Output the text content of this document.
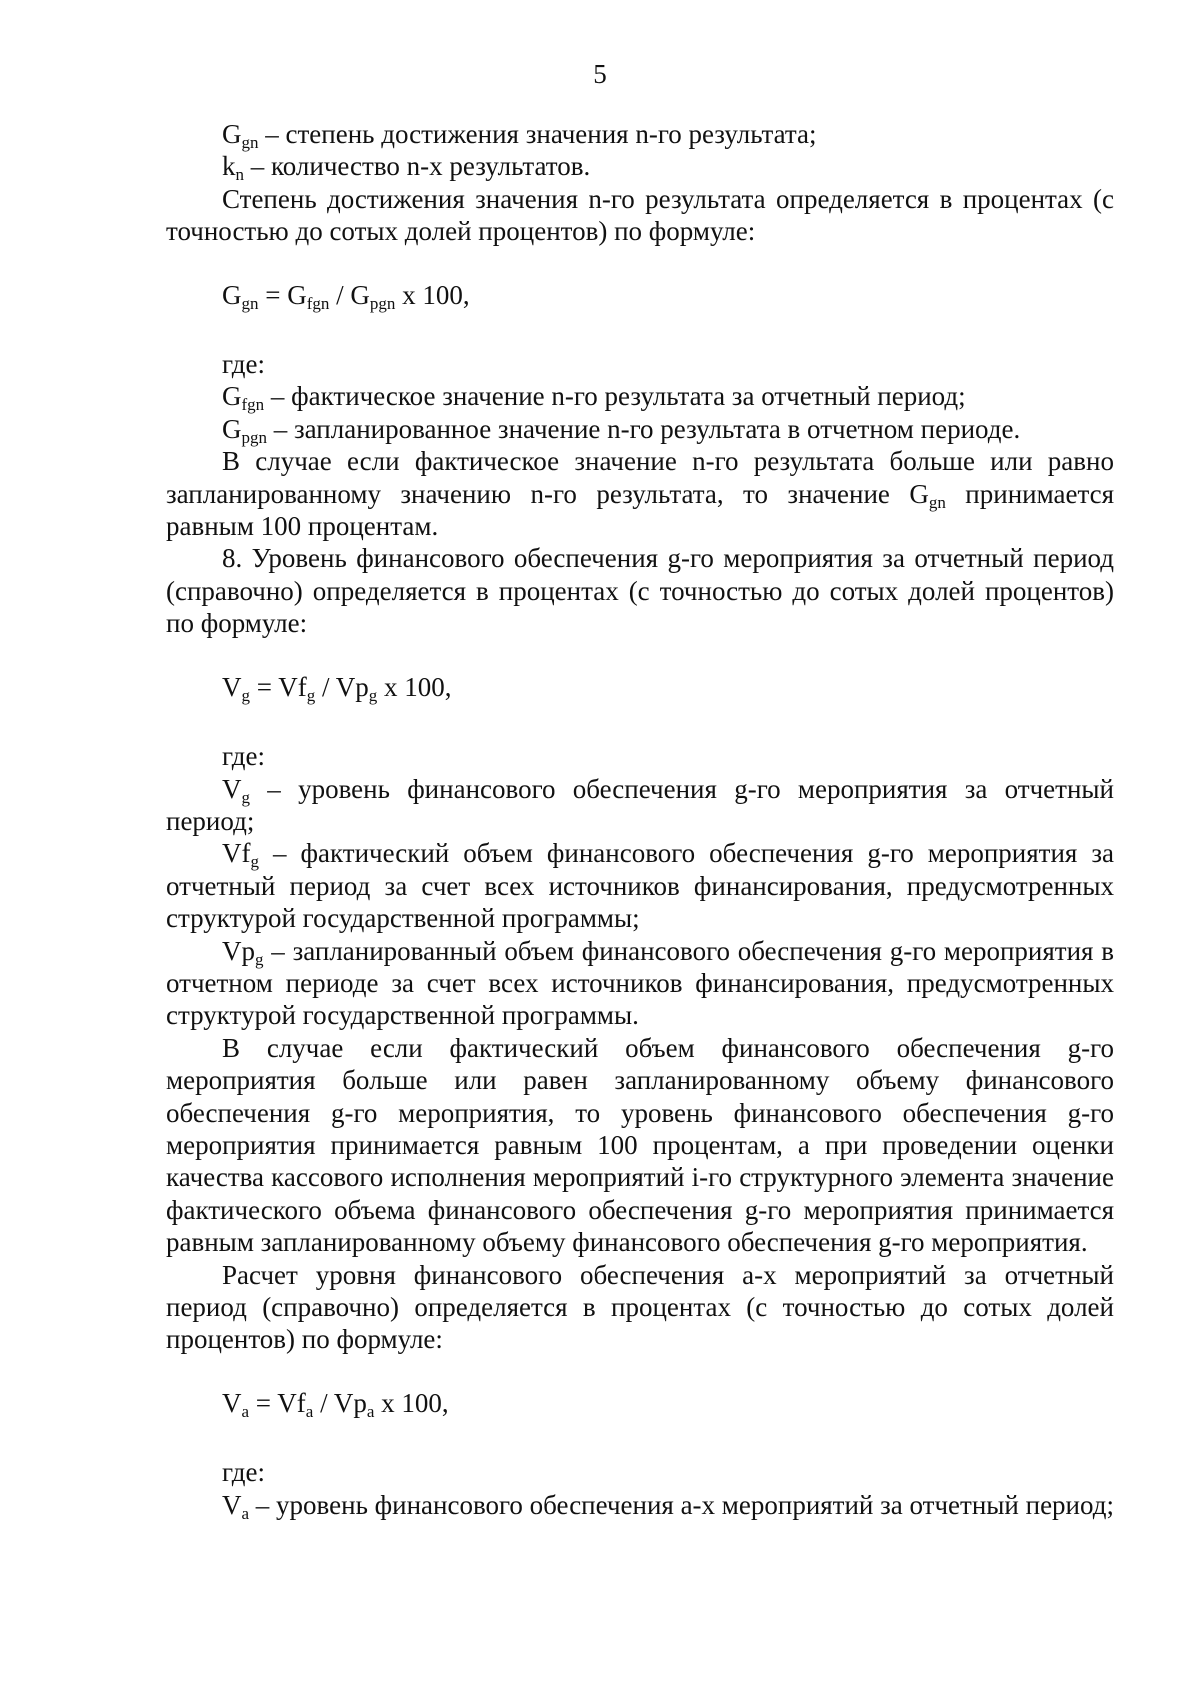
5

$G_{gn}$ – степень достижения значения n-го результата;

$k_n$ – количество n-х результатов.

Степень достижения значения n-го результата определяется в процентах (с точностью до сотых долей процентов) по формуле:

$G_{gn} = G_{fgn} / G_{pgn}$ x 100,

где:

$G_{fgn}$ – фактическое значение n-го результата за отчетный период;

$G_{pgn}$ – запланированное значение n-го результата в отчетном периоде.

В случае если фактическое значение n-го результата больше или равно запланированному значению n-го результата, то значение $G_{gn}$ принимается равным 100 процентам.

8. Уровень финансового обеспечения g-го мероприятия за отчетный период (справочно) определяется в процентах (с точностью до сотых долей процентов) по формуле:

$V_g = Vf_g / Vp_g$ x 100,

где:

$V_g$ – уровень финансового обеспечения g-го мероприятия за отчетный период;

$Vf_g$ – фактический объем финансового обеспечения g-го мероприятия за отчетный период за счет всех источников финансирования, предусмотренных структурой государственной программы;

$Vp_g$ – запланированный объем финансового обеспечения g-го мероприятия в отчетном периоде за счет всех источников финансирования, предусмотренных структурой государственной программы.

В случае если фактический объем финансового обеспечения g-го мероприятия больше или равен запланированному объему финансового обеспечения g-го мероприятия, то уровень финансового обеспечения g-го мероприятия принимается равным 100 процентам, а при проведении оценки качества кассового исполнения мероприятий i-го структурного элемента значение фактического объема финансового обеспечения g-го мероприятия принимается равным запланированному объему финансового обеспечения g-го мероприятия.

Расчет уровня финансового обеспечения а-х мероприятий за отчетный период (справочно) определяется в процентах (с точностью до сотых долей процентов) по формуле:

$V_a = Vf_a / Vp_a$ x 100,

где:

$V_a$ – уровень финансового обеспечения а-х мероприятий за отчетный период;
